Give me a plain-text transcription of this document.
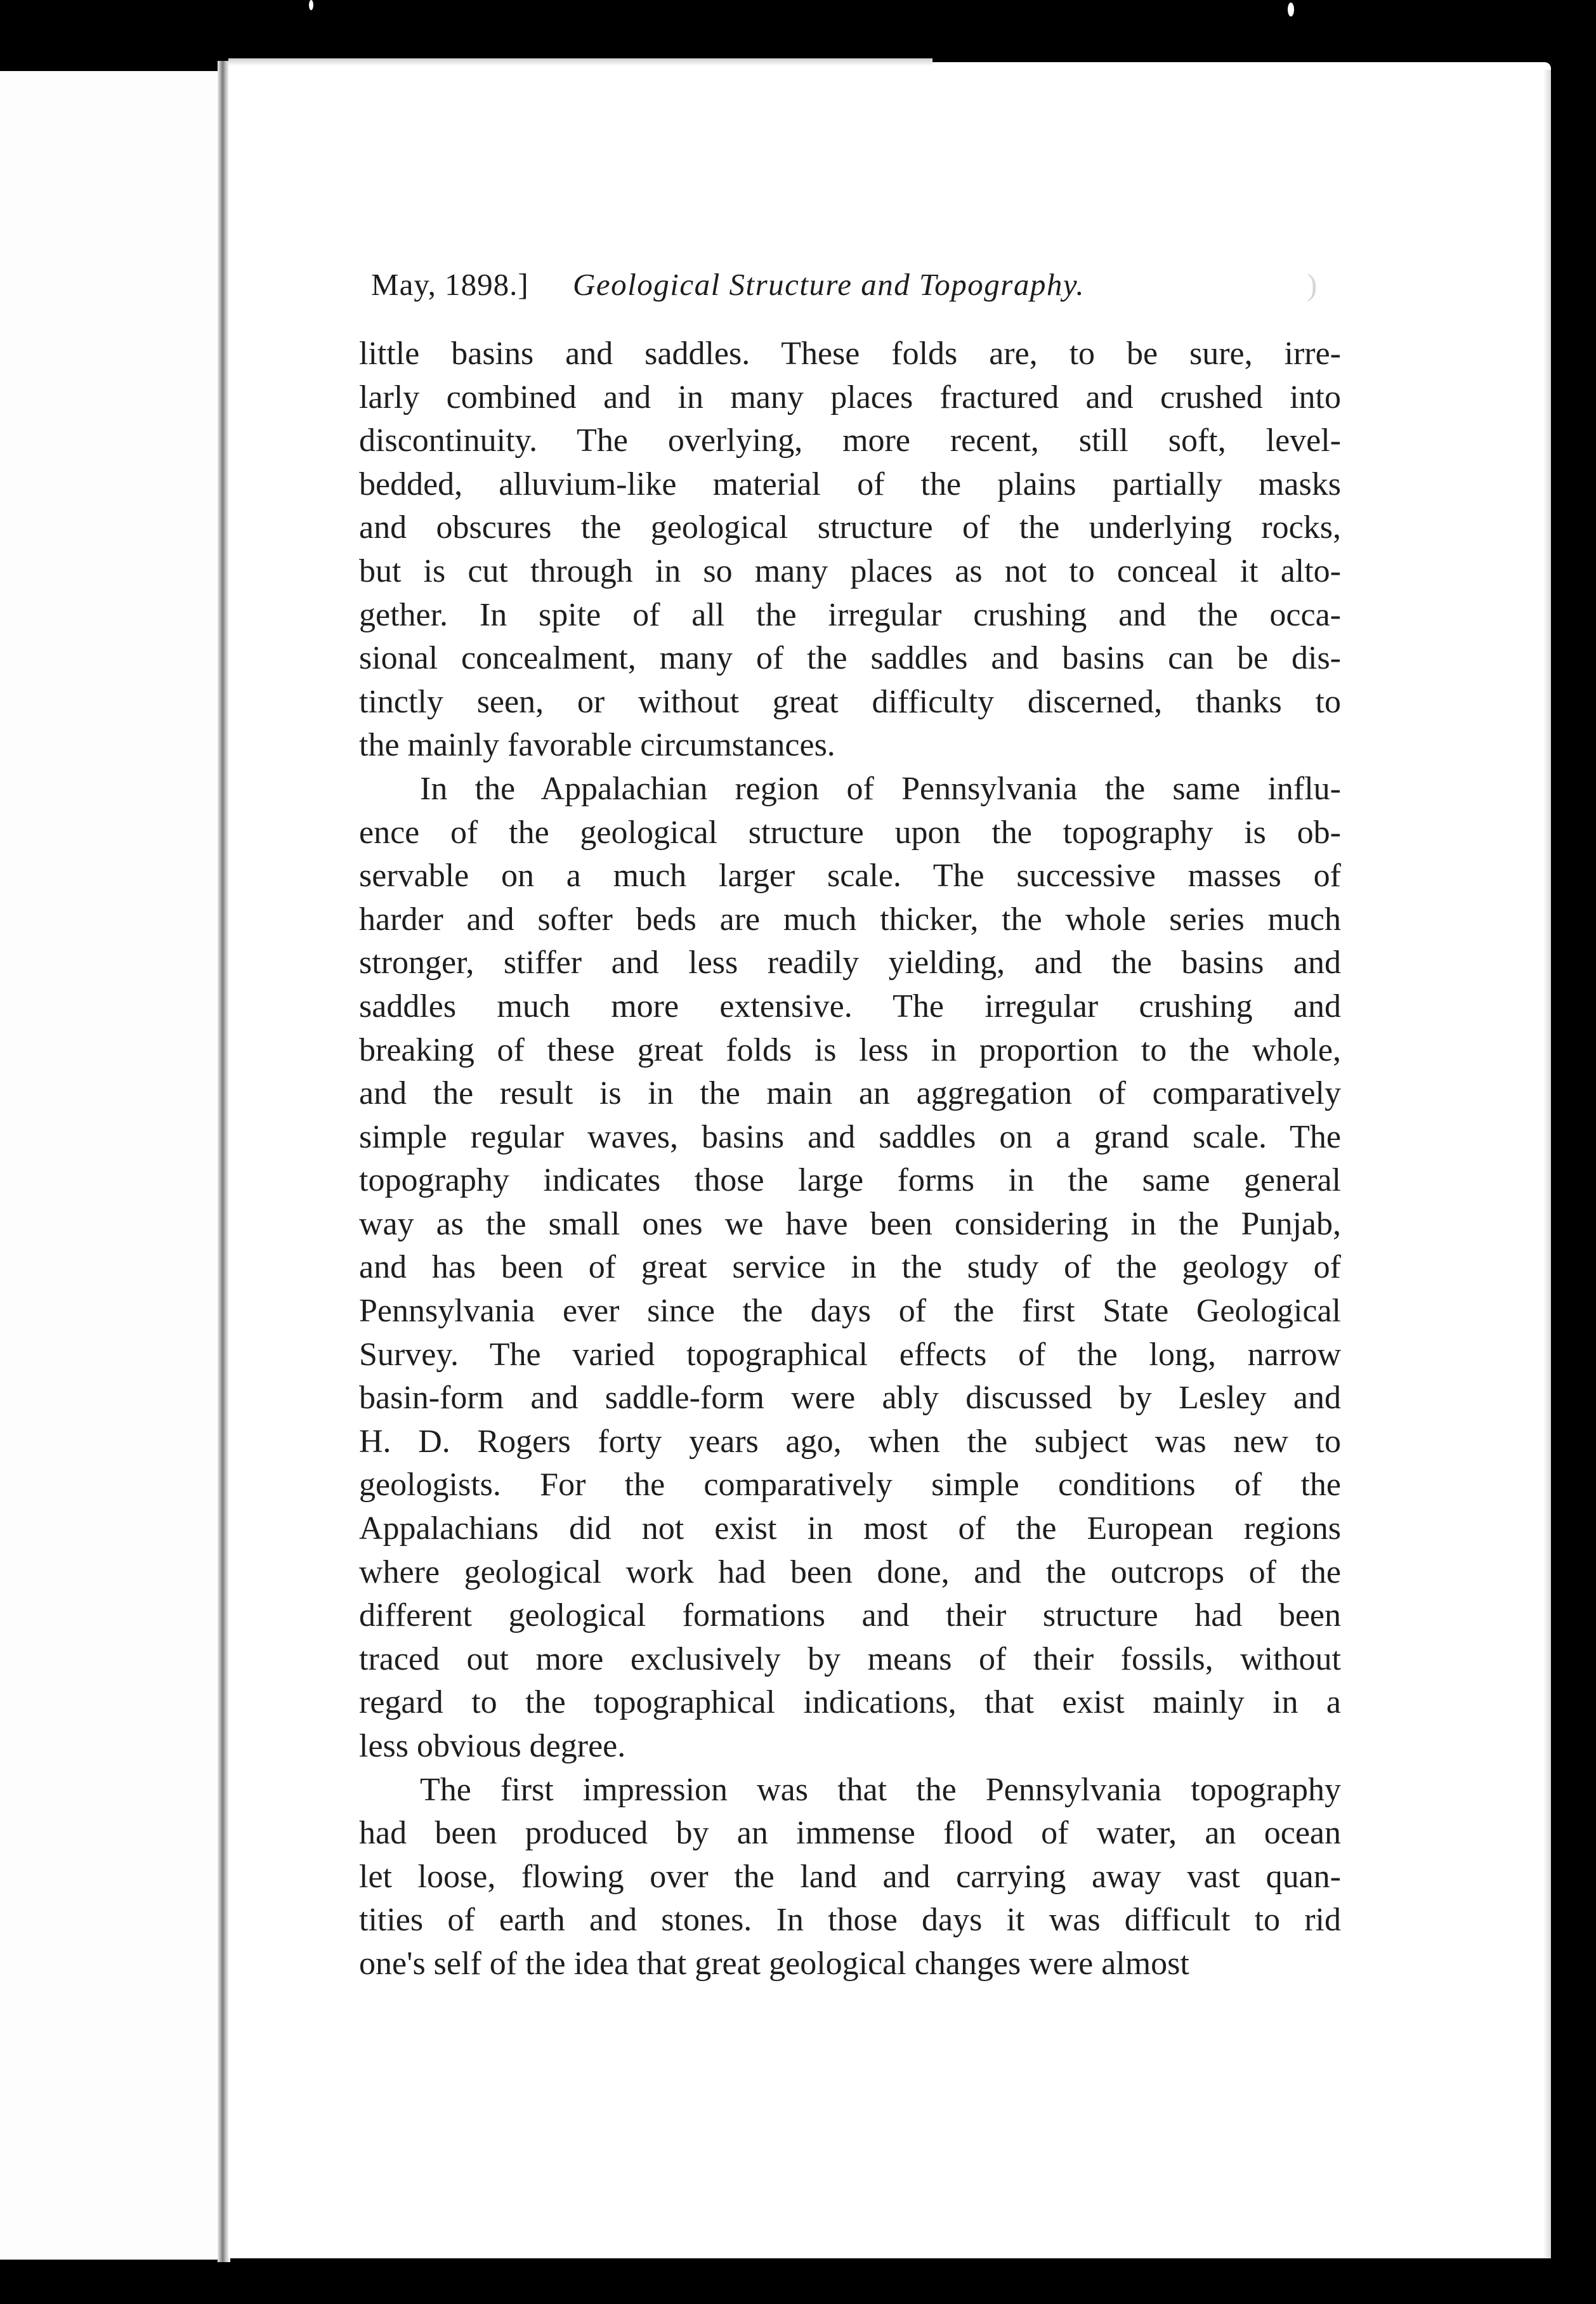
May, 1898.] Geological Structure and Topography.	)
little basins and saddles. These folds are, to be sure, irre-
larly combined and in many places fractured and crushed into
discontinuity. The overlying, more recent, still soft, level-
bedded, alluvium-like material of the plains partially masks
and obscures the geological structure of the underlying rocks,
but is cut through in so many places as not to conceal it alto-
gether. In spite of all the irregular crushing and the occa-
sional concealment, many of the saddles and basins can be dis-
tinctly seen, or without great difficulty discerned, thanks to
the mainly favorable circumstances.
In the Appalachian region of Pennsylvania the same influ-
ence of the geological structure upon the topography is ob-
servable on a much larger scale. The successive masses of
harder and softer beds are much thicker, the whole series much
stronger, stiffer and less readily yielding, and the basins and
saddles much more extensive. The irregular crushing and
breaking of these great folds is less in proportion to the whole,
and the result is in the main an aggregation of comparatively
simple regular waves, basins and saddles on a grand scale. The
topography indicates those large forms in the same general
way as the small ones we have been considering in the Punjab,
and has been of great service in the study of the geology of
Pennsylvania ever since the days of the first State Geological
Survey. The varied topographical effects of the long, narrow
basin-form and saddle-form were ably discussed by Lesley and
H. D. Rogers forty years ago, when the subject was new to
geologists. For the comparatively simple conditions of the
Appalachians did not exist in most of the European regions
where geological work had been done, and the outcrops of the
different geological formations and their structure had been
traced out more exclusively by means of their fossils, without
regard to the topographical indications, that exist mainly in a
less obvious degree.
The first impression was that the Pennsylvania topography
had been produced by an immense flood of water, an ocean
let loose, flowing over the land and carrying away vast quan-
tities of earth and stones. In those days it was difficult to rid
one's self of the idea that great geological changes were almost
